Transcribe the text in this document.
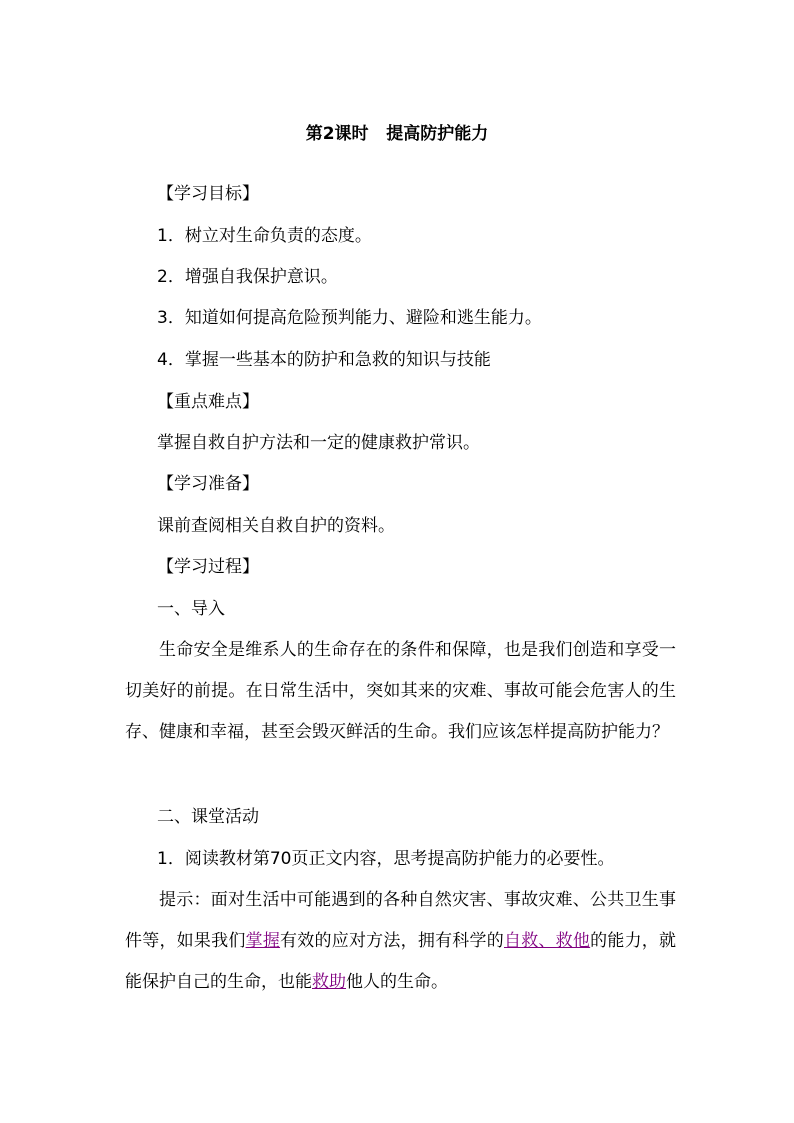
第2课时   提高防护能力
【学习目标】
1．树立对生命负责的态度。
2．增强自我保护意识。
3．知道如何提高危险预判能力、避险和逃生能力。
4．掌握一些基本的防护和急救的知识与技能
【重点难点】
掌握自救自护方法和一定的健康救护常识。
【学习准备】
课前查阅相关自救自护的资料。
【学习过程】
一、导入
生命安全是维系人的生命存在的条件和保障，也是我们创造和享受一切美好的前提。在日常生活中，突如其来的灾难、事故可能会危害人的生存、健康和幸福，甚至会毁灭鲜活的生命。我们应该怎样提高防护能力？
二、课堂活动
1．阅读教材第70页正文内容，思考提高防护能力的必要性。
提示：面对生活中可能遇到的各种自然灾害、事故灾难、公共卫生事件等，如果我们掌握有效的应对方法，拥有科学的自救、救他的能力，就能保护自己的生命，也能救助他人的生命。
